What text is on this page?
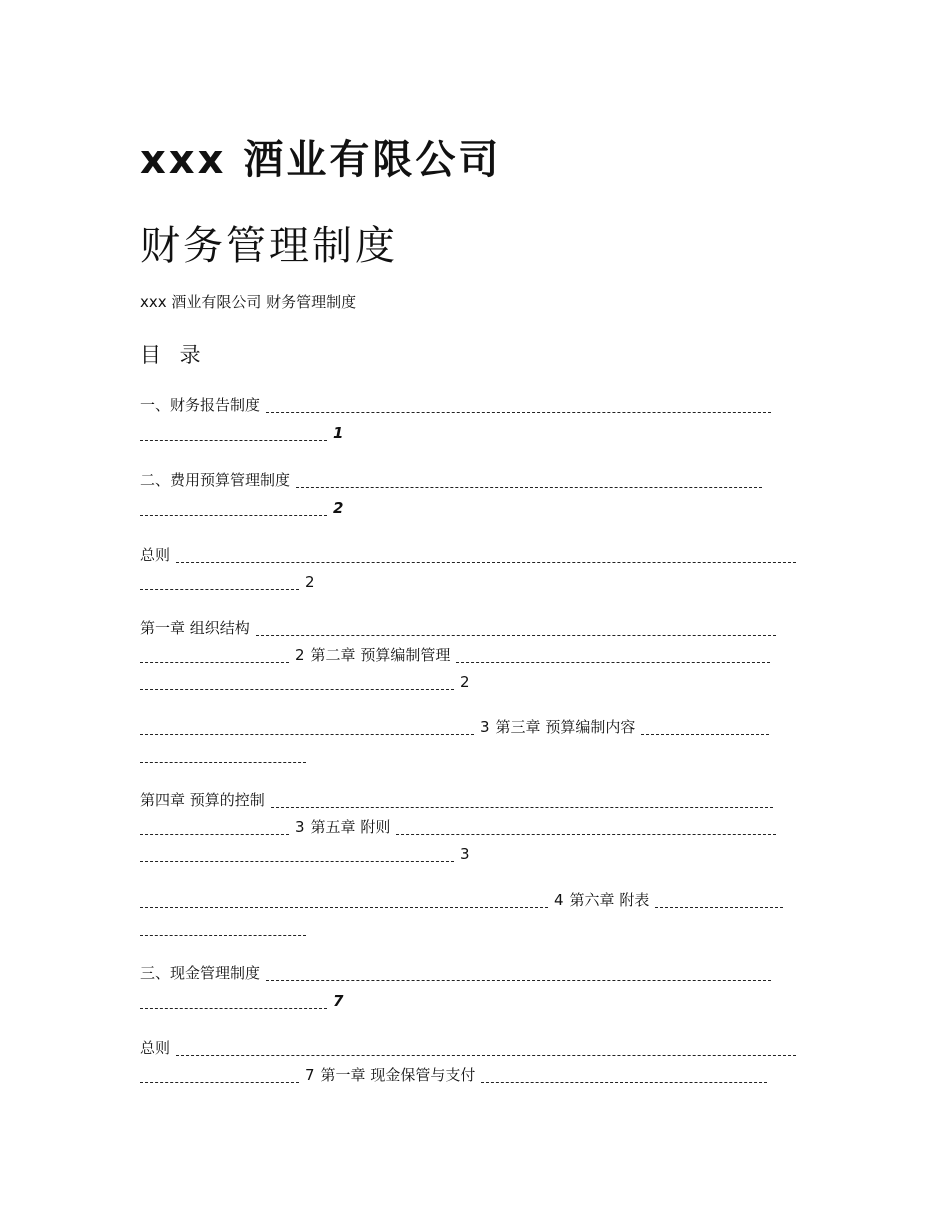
xxx 酒业有限公司
财务管理制度
xxx 酒业有限公司 财务管理制度
目 录
一、财务报告制度
1
二、费用预算管理制度
2
总则
2
第一章 组织结构
2 第二章 预算编制管理
2
3 第三章 预算编制内容
第四章 预算的控制
3 第五章 附则
3
4 第六章 附表
三、现金管理制度
7
总则
7 第一章 现金保管与支付
